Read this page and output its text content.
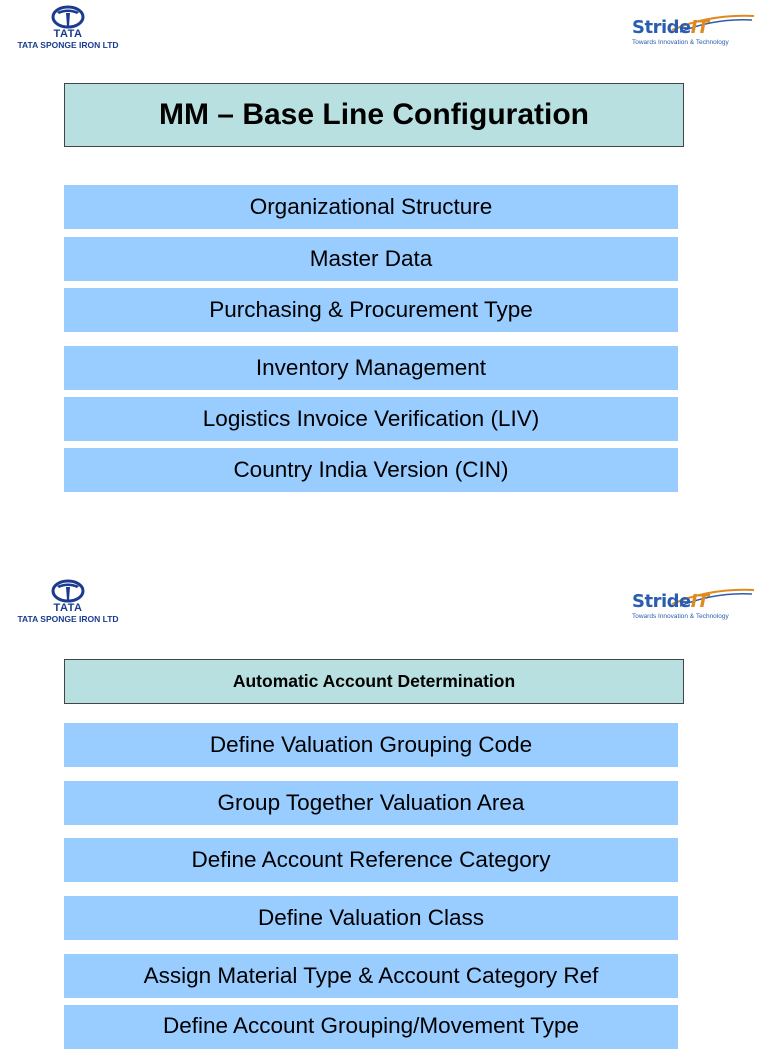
TATA
TATA SPONGE IRON LTD
StrideIT
Towards Innovation & Technology
MM – Base Line Configuration
Organizational Structure
Master Data
Purchasing & Procurement Type
Inventory Management
Logistics Invoice Verification (LIV)
Country India Version (CIN)
TATA
TATA SPONGE IRON LTD
StrideIT
Towards Innovation & Technology
Automatic Account Determination
Define Valuation Grouping Code
Group Together Valuation Area
Define Account Reference Category
Define Valuation Class
Assign Material Type & Account Category Ref
Define Account Grouping/Movement Type
